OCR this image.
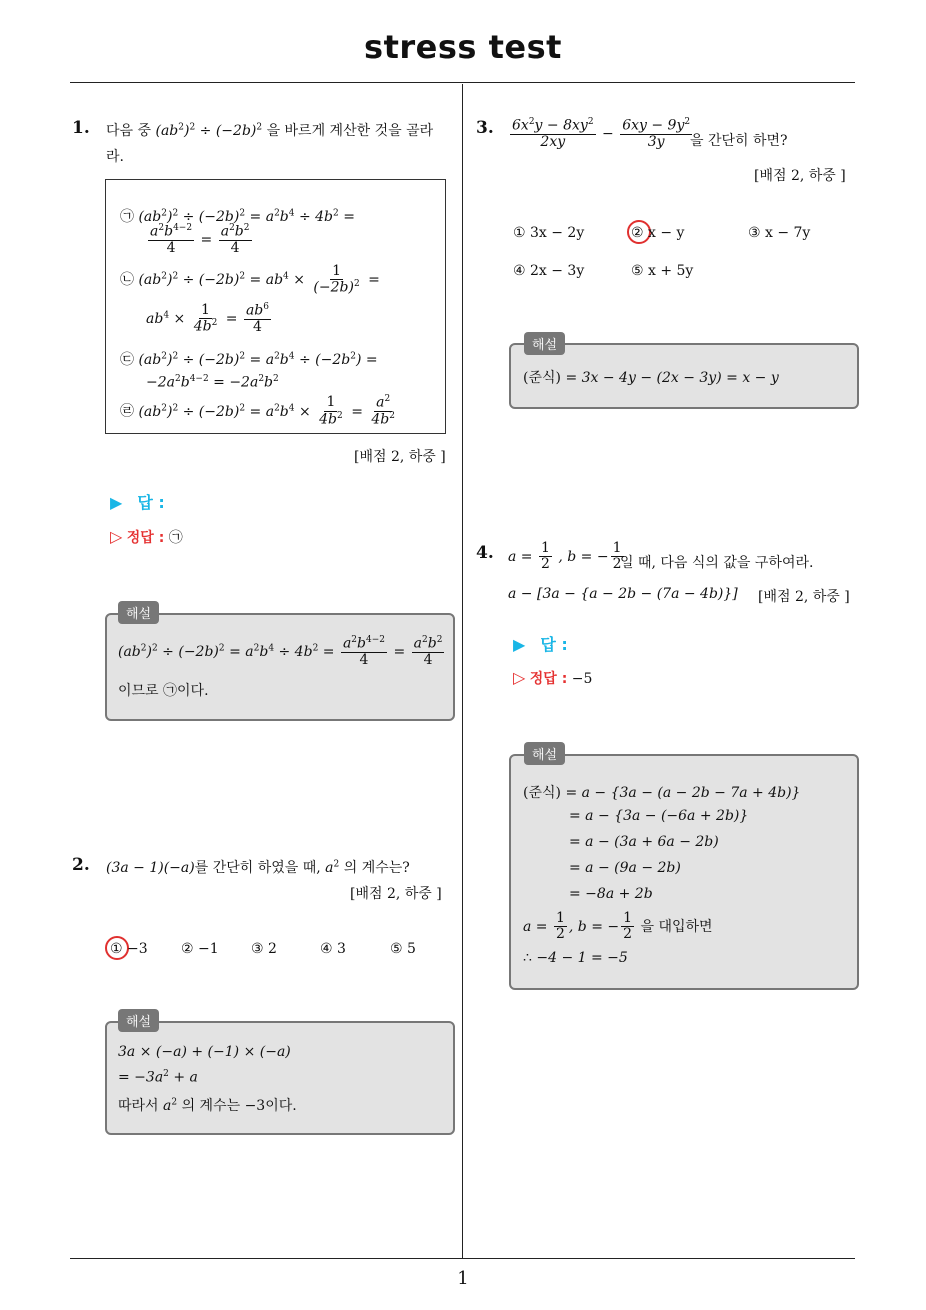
stress test
1
1. 다음 중 $(ab^2)^2 \div (-2b)^2$ 을 바르게 계산한 것을 골라
라.
㉠ $(ab^2)^2 \div (-2b)^2 = a^2b^4 \div 4b^2$ =
$\frac{a^2b^{4-2}}{4} = \frac{a^2b^2}{4}$
㉡ $(ab^2)^2 \div (-2b)^2 = ab^4 \times \frac{1}{(-2b)^2}$ =
$ab^4 \times \frac{1}{4b^2} = \frac{ab^6}{4}$
㉢ $(ab^2)^2 \div (-2b)^2 = a^2b^4 \div (-2b^2)$ =
$-2a^2b^{4-2} = -2a^2b^2$
㉣ $(ab^2)^2 \div (-2b)^2 = a^2b^4 \times \frac{1}{4b^2} = \frac{a^2}{4b^2}$
[배점 2, 하중 ]
▶ 답 :
▷ 정답 : ㉠
해설
$(ab^2)^2 \div (-2b)^2 = a^2b^4 \div 4b^2 = \frac{a^2b^{4-2}}{4} = \frac{a^2b^2}{4}$
이므로 ㉠이다.
2. (3a − 1)(−a)를 간단히 하였을 때, $a^2$ 의 계수는?
[배점 2, 하중 ]
① −3 ② −1 ③ 2	④ 3	⑤ 5
해설
3a × (−a) + (−1) × (−a)
= $-3a^2 + a$
따라서 $a^2$ 의 계수는 −3이다.
3. $\frac{6x^2y - 8xy^2}{2xy} - \frac{6xy - 9y^2}{3y}$
을 간단히 하면?
[배점 2, 하중 ]
① 3x − 2y	② x − y	③ x − 7y
④ 2x − 3y	⑤ x + 5y
해설
(준식) = 3x − 4y − (2x − 3y) = x − y
4. $a = \frac{1}{2}$ , b = − $\frac{1}{2}$
일 때, 다음 식의 값을 구하여라.
a − [3a − {a − 2b − (7a − 4b)}] [배점 2, 하중 ]
▶ 답 :
▷ 정답 : −5
해설
(준식) = a − {3a − (a − 2b − 7a + 4b)}
= a − {3a − (−6a + 2b)}
= a − (3a + 6a − 2b)
= a − (9a − 2b)
= −8a + 2b
$a = \frac{1}{2}$ , b = − $\frac{1}{2}$ 을 대입하면
∴ −4 − 1 = −5
